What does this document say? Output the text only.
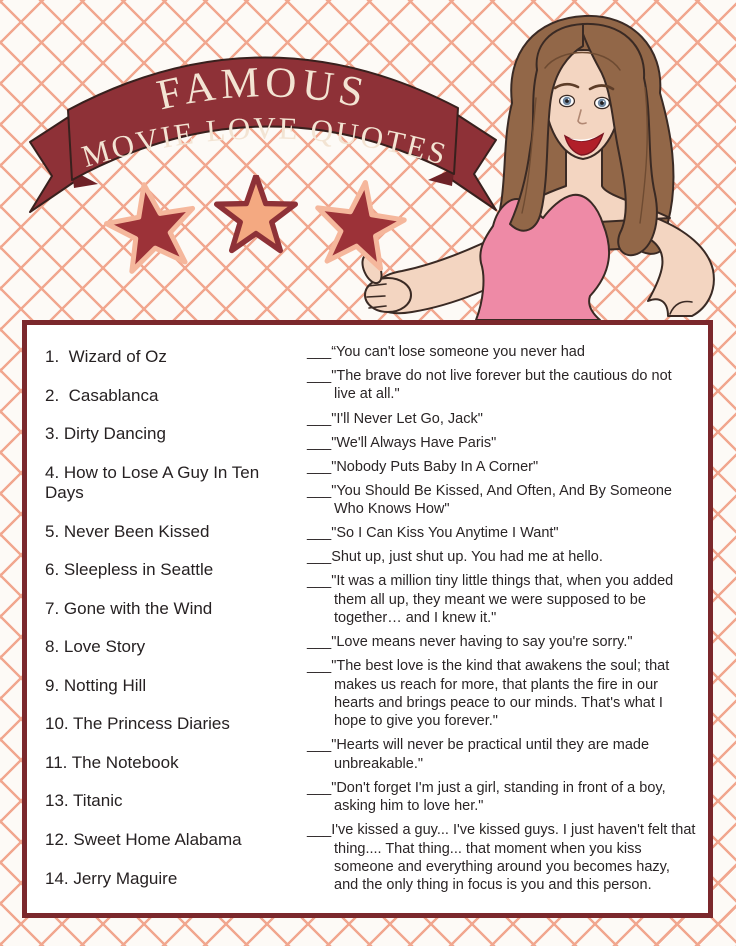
FAMOUS
MOVIE LOVE QUOTES
1.  Wizard of Oz
2.  Casablanca
3. Dirty Dancing
4. How to Lose A Guy In Ten Days
5. Never Been Kissed
6. Sleepless in Seattle
7. Gone with the Wind
8. Love Story
9. Notting Hill
10. The Princess Diaries
11. The Notebook
13. Titanic
12. Sweet Home Alabama
14. Jerry Maguire
___“You can't lose someone you never had
___"The brave do not live forever but the cautious do not live at all."
___"I'll Never Let Go, Jack"
___"We'll Always Have Paris"
___"Nobody Puts Baby In A Corner"
___"You Should Be Kissed, And Often, And By Someone Who Knows How"
___"So I Can Kiss You Anytime I Want"
___Shut up, just shut up. You had me at hello.
___"It was a million tiny little things that, when you added them all up, they meant we were supposed to be together… and I knew it."
___"Love means never having to say you're sorry."
___"The best love is the kind that awakens the soul; that makes us reach for more, that plants the fire in our hearts and brings peace to our minds. That's what I hope to give you forever."
___"Hearts will never be practical until they are made unbreakable."
___"Don't forget I'm just a girl, standing in front of a boy, asking him to love her."
___I've kissed a guy... I've kissed guys. I just haven't felt that thing.... That thing... that moment when you kiss someone and everything around you becomes hazy, and the only thing in focus is you and this person.
